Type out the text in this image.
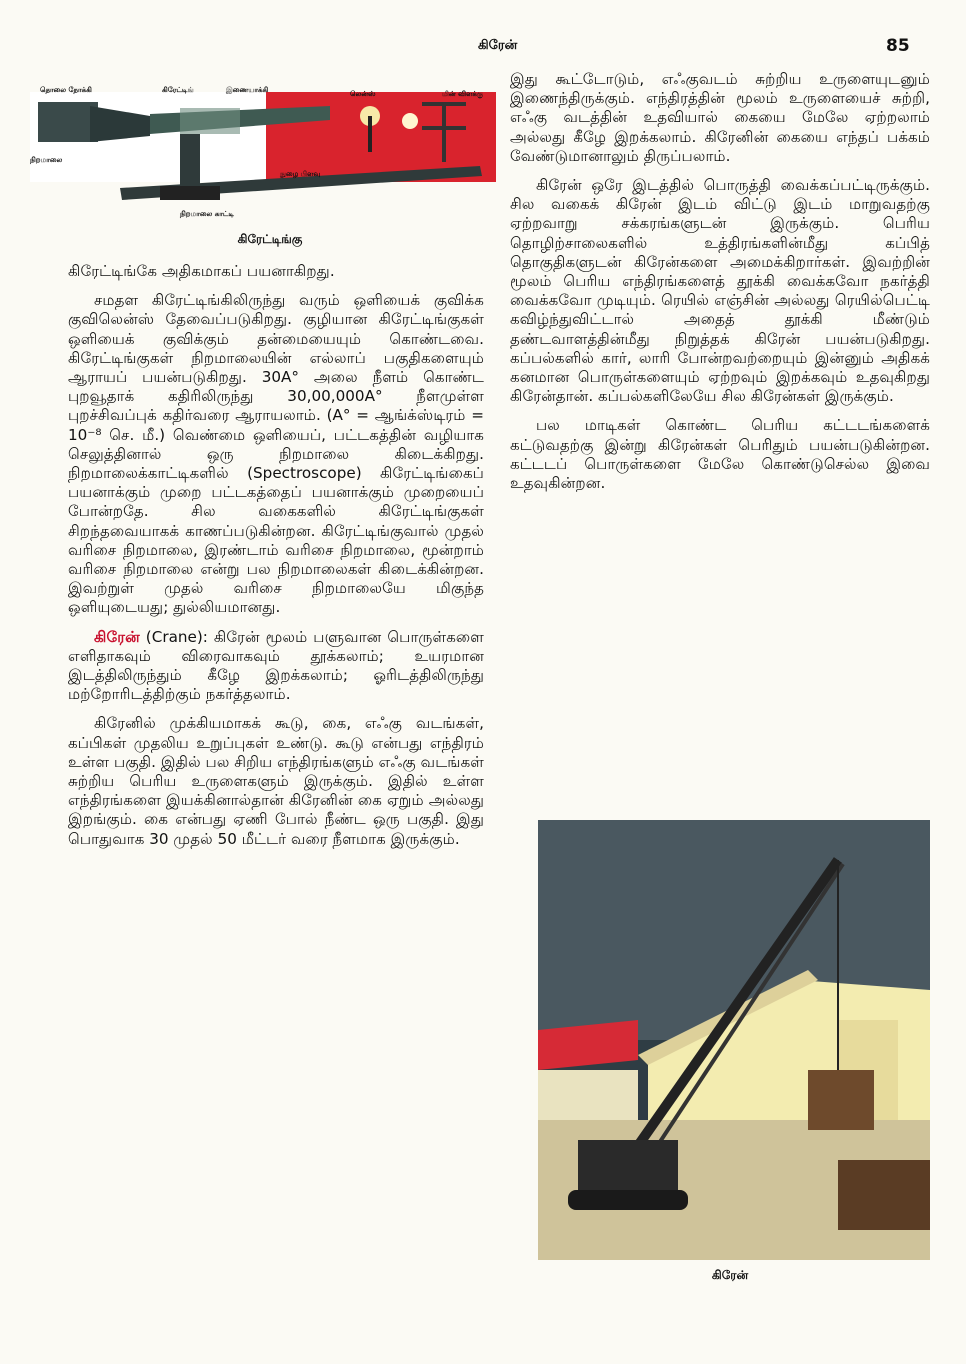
கிரேன்	85
தொலை நோக்கி	கிரேட்டிங்	இணையாக்கி	லென்ஸ்	மின் விளக்கு
நிறமாலை
நுழை பிளவு
நிறமாலை காட்டி
கிரேட்டிங்கு

கிரேட்டிங்கே அதிகமாகப் பயனாகிறது.

சமதள கிரேட்டிங்கிலிருந்து வரும் ஒளியைக் குவிக்க குவிலென்ஸ் தேவைப்படுகிறது. குழியான கிரேட்டிங்குகள் ஒளியைக் குவிக்கும் தன்மையையும் கொண்டவை. கிரேட்டிங்குகள் நிறமாலையின் எல்லாப் பகுதிகளையும் ஆராயப் பயன்படுகிறது. 30A° அலை நீளம் கொண்ட புறவூதாக் கதிரிலிருந்து 30,00,000A° நீளமுள்ள புறச்சிவப்புக் கதிர்வரை ஆராயலாம். (A° = ஆங்க்ஸ்டிரம் = 10⁻⁸ செ. மீ.) வெண்மை ஒளியைப், பட்டகத்தின் வழியாக செலுத்தினால் ஒரு நிறமாலை கிடைக்கிறது. நிறமாலைக்காட்டிகளில் (Spectroscope) கிரேட்டிங்கைப் பயனாக்கும் முறை பட்டகத்தைப் பயனாக்கும் முறையைப் போன்றதே. சில வகைகளில் கிரேட்டிங்குகள் சிறந்தவையாகக் காணப்படுகின்றன. கிரேட்டிங்குவால் முதல் வரிசை நிறமாலை, இரண்டாம் வரிசை நிறமாலை, மூன்றாம் வரிசை நிறமாலை என்று பல நிறமாலைகள் கிடைக்கின்றன. இவற்றுள் முதல் வரிசை நிறமாலையே மிகுந்த ஒளியுடையது; துல்லியமானது.

கிரேன் (Crane): கிரேன் மூலம் பளுவான பொருள்களை எளிதாகவும் விரைவாகவும் தூக்கலாம்; உயரமான இடத்திலிருந்தும் கீழே இறக்கலாம்; ஓரிடத்திலிருந்து மற்றோரிடத்திற்கும் நகர்த்தலாம்.

கிரேனில் முக்கியமாகக் கூடு, கை, எஃகு வடங்கள், கப்பிகள் முதலிய உறுப்புகள் உண்டு. கூடு என்பது எந்திரம் உள்ள பகுதி. இதில் பல சிறிய எந்திரங்களும் எஃகு வடங்கள் சுற்றிய பெரிய உருளைகளும் இருக்கும். இதில் உள்ள எந்திரங்களை இயக்கினால்தான் கிரேனின் கை ஏறும் அல்லது இறங்கும். கை என்பது ஏணி போல் நீண்ட ஒரு பகுதி. இது பொதுவாக 30 முதல் 50 மீட்டர் வரை நீளமாக இருக்கும்.

இது கூட்டோடும், எஃகுவடம் சுற்றிய உருளையுடனும் இணைந்திருக்கும். எந்திரத்தின் மூலம் உருளையைச் சுற்றி, எஃகு வடத்தின் உதவியால் கையை மேலே ஏற்றலாம் அல்லது கீழே இறக்கலாம். கிரேனின் கையை எந்தப் பக்கம் வேண்டுமானாலும் திருப்பலாம்.

கிரேன் ஒரே இடத்தில் பொருத்தி வைக்கப்பட்டிருக்கும். சில வகைக் கிரேன் இடம் விட்டு இடம் மாறுவதற்கு ஏற்றவாறு சக்கரங்களுடன் இருக்கும். பெரிய தொழிற்சாலைகளில் உத்திரங்களின்மீது கப்பித் தொகுதிகளுடன் கிரேன்களை அமைக்கிறார்கள். இவற்றின் மூலம் பெரிய எந்திரங்களைத் தூக்கி வைக்கவோ நகர்த்தி வைக்கவோ முடியும். ரெயில் எஞ்சின் அல்லது ரெயில்பெட்டி கவிழ்ந்துவிட்டால் அதைத் தூக்கி மீண்டும் தண்டவாளத்தின்மீது நிறுத்தக் கிரேன் பயன்படுகிறது. கப்பல்களில் கார், லாரி போன்றவற்றையும் இன்னும் அதிகக் கனமான பொருள்களையும் ஏற்றவும் இறக்கவும் உதவுகிறது கிரேன்தான். கப்பல்களிலேயே சில கிரேன்கள் இருக்கும்.

பல மாடிகள் கொண்ட பெரிய கட்டடங்களைக் கட்டுவதற்கு இன்று கிரேன்கள் பெரிதும் பயன்படுகின்றன. கட்டடப் பொருள்களை மேலே கொண்டுசெல்ல இவை உதவுகின்றன.

கிரேன்
